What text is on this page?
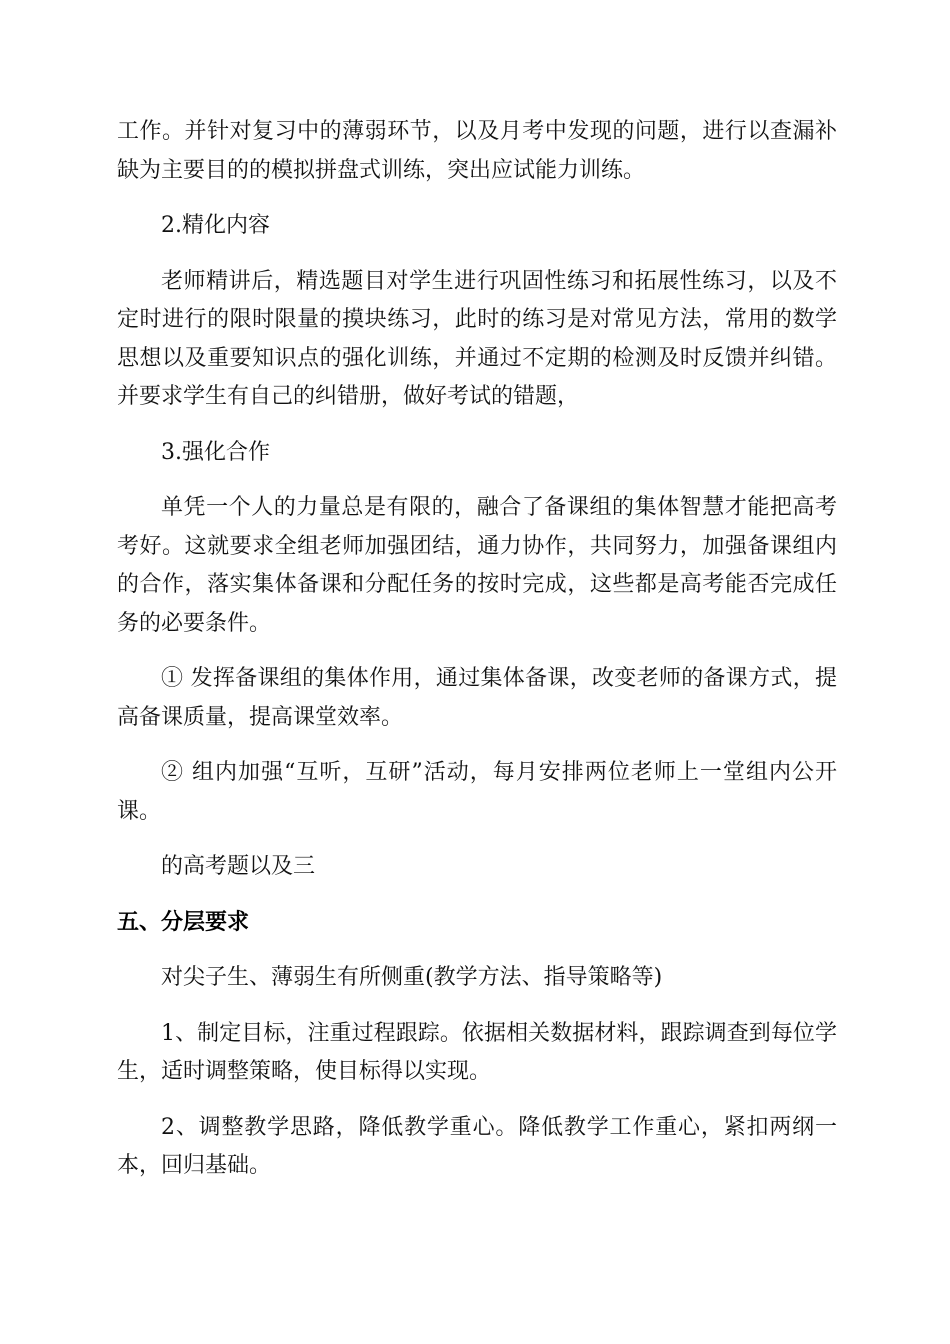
工作。并针对复习中的薄弱环节，以及月考中发现的问题，进行以查漏补缺为主要目的的模拟拼盘式训练，突出应试能力训练。

2.精化内容

老师精讲后，精选题目对学生进行巩固性练习和拓展性练习，以及不定时进行的限时限量的摸块练习，此时的练习是对常见方法，常用的数学思想以及重要知识点的强化训练，并通过不定期的检测及时反馈并纠错。并要求学生有自己的纠错册，做好考试的错题，

3.强化合作

单凭一个人的力量总是有限的，融合了备课组的集体智慧才能把高考考好。这就要求全组老师加强团结，通力协作，共同努力，加强备课组内的合作，落实集体备课和分配任务的按时完成，这些都是高考能否完成任务的必要条件。

① 发挥备课组的集体作用，通过集体备课，改变老师的备课方式，提高备课质量，提高课堂效率。

② 组内加强“互听，互研”活动，每月安排两位老师上一堂组内公开课。

的高考题以及三

五、分层要求

对尖子生、薄弱生有所侧重(教学方法、指导策略等)

1、制定目标，注重过程跟踪。依据相关数据材料，跟踪调查到每位学生，适时调整策略，使目标得以实现。

2、调整教学思路，降低教学重心。降低教学工作重心，紧扣两纲一本，回归基础。
